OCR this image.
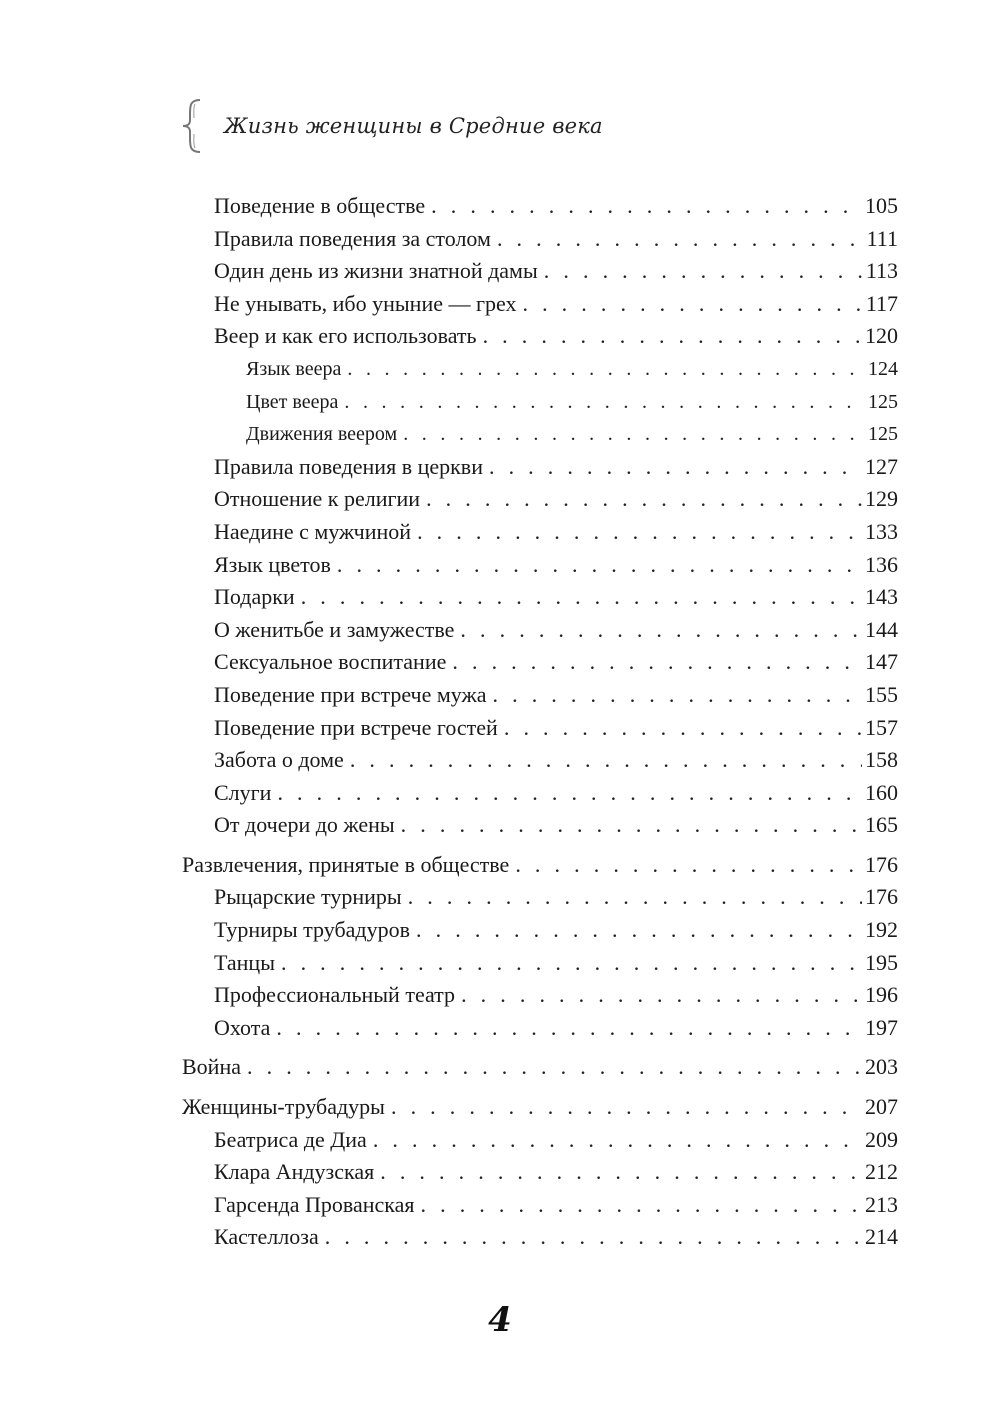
Жизнь женщины в Средние века
Поведение в обществе . . .	105
Правила поведения за столом . . .	111
Один день из жизни знатной дамы . . .	113
Не унывать, ибо уныние — грех . . .	117
Веер и как его использовать . . .	120
Язык веера . . .	124
Цвет веера . . .	125
Движения веером . . .	125
Правила поведения в церкви . . .	127
Отношение к религии . . .	129
Наедине с мужчиной . . .	133
Язык цветов . . .	136
Подарки . . .	143
О женитьбе и замужестве . . .	144
Сексуальное воспитание . . .	147
Поведение при встрече мужа . . .	155
Поведение при встрече гостей . . .	157
Забота о доме . . .	158
Слуги . . .	160
От дочери до жены . . .	165
Развлечения, принятые в обществе . . .	176
Рыцарские турниры . . .	176
Турниры трубадуров . . .	192
Танцы . . .	195
Профессиональный театр . . .	196
Охота . . .	197
Война . . .	203
Женщины-трубадуры . . .	207
Беатриса де Диа . . .	209
Клара Андузская . . .	212
Гарсенда Прованская . . .	213
Кастеллоза . . .	214
4
